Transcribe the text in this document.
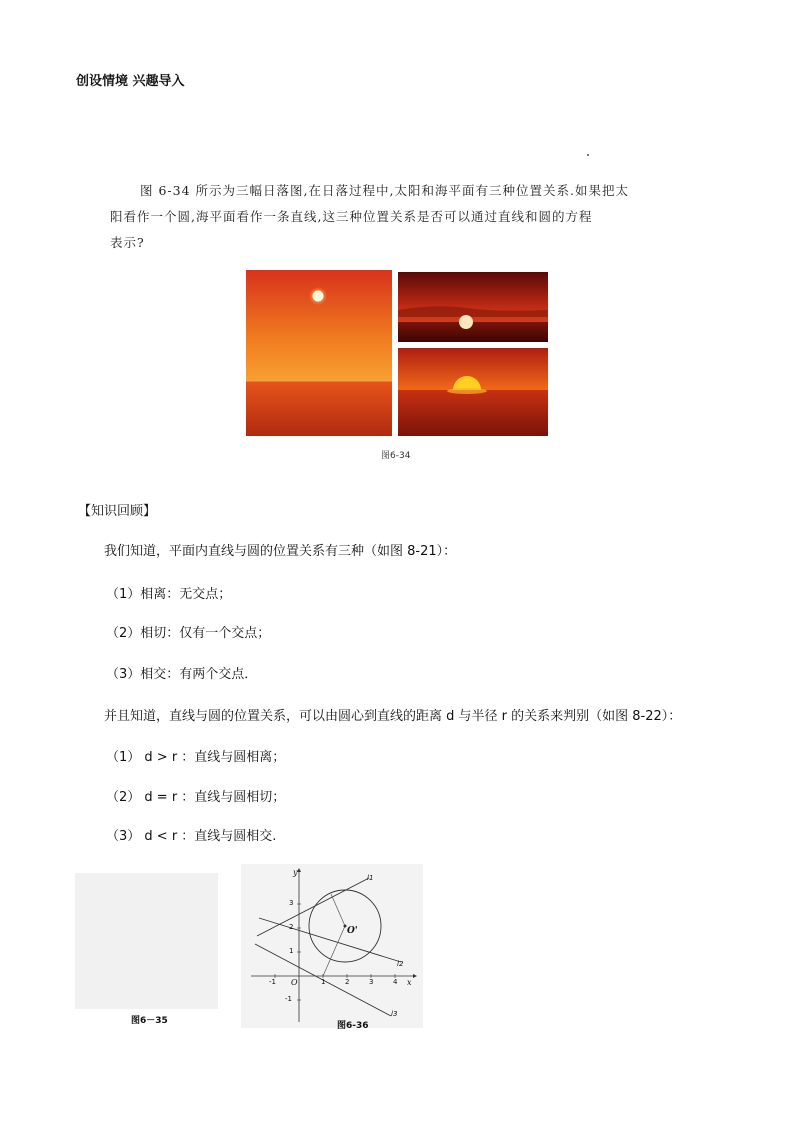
创设情境 兴趣导入
图 6-34 所示为三幅日落图,在日落过程中,太阳和海平面有三种位置关系.如果把太
阳看作一个圆,海平面看作一条直线,这三种位置关系是否可以通过直线和圆的方程
表示?
图6-34
【知识回顾】
我们知道，平面内直线与圆的位置关系有三种（如图 8-21）：
（1）相离：无交点；
（2）相切：仅有一个交点；
（3）相交：有两个交点．
并且知道，直线与圆的位置关系，可以由圆心到直线的距离 d 与半径 r 的关系来判别（如图 8-22）：
（1） d > r ：直线与圆相离；
（2） d = r ：直线与圆相切；
（3） d < r ：直线与圆相交.
图6－35
y
x
O
O'
-1	1	2	3	4
3
2
1
-1
l1
l2
l3
图6-36
